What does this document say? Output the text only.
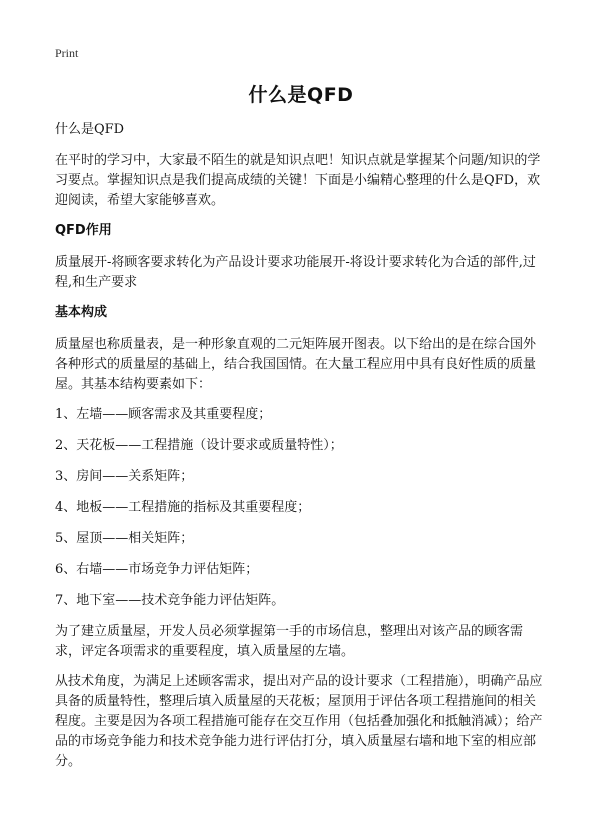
Print
什么是QFD

什么是QFD

在平时的学习中，大家最不陌生的就是知识点吧！知识点就是掌握某个问题/知识的学习要点。掌握知识点是我们提高成绩的关键！下面是小编精心整理的什么是QFD，欢迎阅读，希望大家能够喜欢。

QFD作用

质量展开-将顾客要求转化为产品设计要求功能展开-将设计要求转化为合适的部件,过程,和生产要求

基本构成

质量屋也称质量表，是一种形象直观的二元矩阵展开图表。以下给出的是在综合国外各种形式的质量屋的基础上，结合我国国情。在大量工程应用中具有良好性质的质量屋。其基本结构要素如下：

1、左墙——顾客需求及其重要程度；

2、天花板——工程措施（设计要求或质量特性）；

3、房间——关系矩阵；

4、地板——工程措施的指标及其重要程度；

5、屋顶——相关矩阵；

6、右墙——市场竞争力评估矩阵；

7、地下室——技术竞争能力评估矩阵。

为了建立质量屋，开发人员必须掌握第一手的市场信息，整理出对该产品的顾客需求，评定各项需求的重要程度，填入质量屋的左墙。

从技术角度，为满足上述顾客需求，提出对产品的设计要求（工程措施），明确产品应具备的质量特性，整理后填入质量屋的天花板；屋顶用于评估各项工程措施间的相关程度。主要是因为各项工程措施可能存在交互作用（包括叠加强化和抵触消减）；给产品的市场竞争能力和技术竞争能力进行评估打分，填入质量屋右墙和地下室的相应部分。
